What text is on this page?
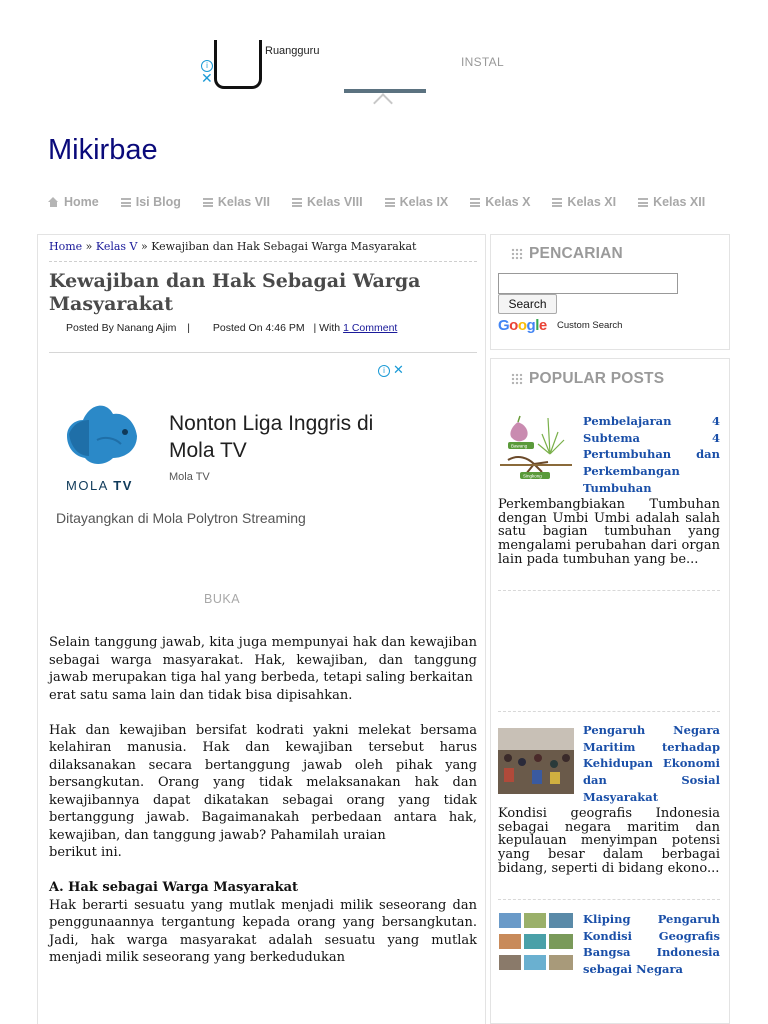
Ruangguru
i
✕
INSTAL
Mikirbae
Home	Isi Blog	Kelas VII	Kelas VIII	Kelas IX	Kelas X	Kelas XI	Kelas XII
Home » Kelas V » Kewajiban dan Hak Sebagai Warga Masyarakat
Kewajiban dan Hak Sebagai Warga Masyarakat
Posted By Nanang Ajim | Posted On 4:46 PM | With 1 Comment
i ✕
MOLA TV
Nonton Liga Inggris di Mola TV
Mola TV
Ditayangkan di Mola Polytron Streaming
BUKA

Selain tanggung jawab, kita juga mempunyai hak dan kewajiban sebagai warga masyarakat. Hak, kewajiban, dan tanggung jawab merupakan tiga hal yang berbeda, tetapi saling berkaitan

erat satu sama lain dan tidak bisa dipisahkan.

Hak dan kewajiban bersifat kodrati yakni melekat bersama kelahiran manusia. Hak dan kewajiban tersebut harus dilaksanakan secara bertanggung jawab oleh pihak yang bersangkutan. Orang yang tidak melaksanakan hak dan kewajibannya dapat dikatakan sebagai orang yang tidak bertanggung jawab. Bagaimanakah perbedaan antara hak, kewajiban, dan tanggung jawab? Pahamilah uraian

berikut ini.

A. Hak sebagai Warga Masyarakat

Hak berarti sesuatu yang mutlak menjadi milik seseorang dan penggunaannya tergantung kepada orang yang bersangkutan. Jadi, hak warga masyarakat adalah sesuatu yang mutlak menjadi milik seseorang yang berkedudukan

PENCARIAN
Search
Google Custom Search
POPULAR POSTS
Bawang
Singkong
Pembelajaran 4 Subtema 4 Pertumbuhan dan Perkembangan Tumbuhan
Perkembangbiakan Tumbuhan dengan Umbi Umbi adalah salah satu bagian tumbuhan yang mengalami perubahan dari organ lain pada tumbuhan yang be...
Pengaruh Negara Maritim terhadap Kehidupan Ekonomi dan Sosial Masyarakat
Kondisi geografis Indonesia sebagai negara maritim dan kepulauan menyimpan potensi yang besar dalam berbagai bidang, seperti di bidang ekono...
Kliping Pengaruh Kondisi Geografis Bangsa Indonesia sebagai Negara
